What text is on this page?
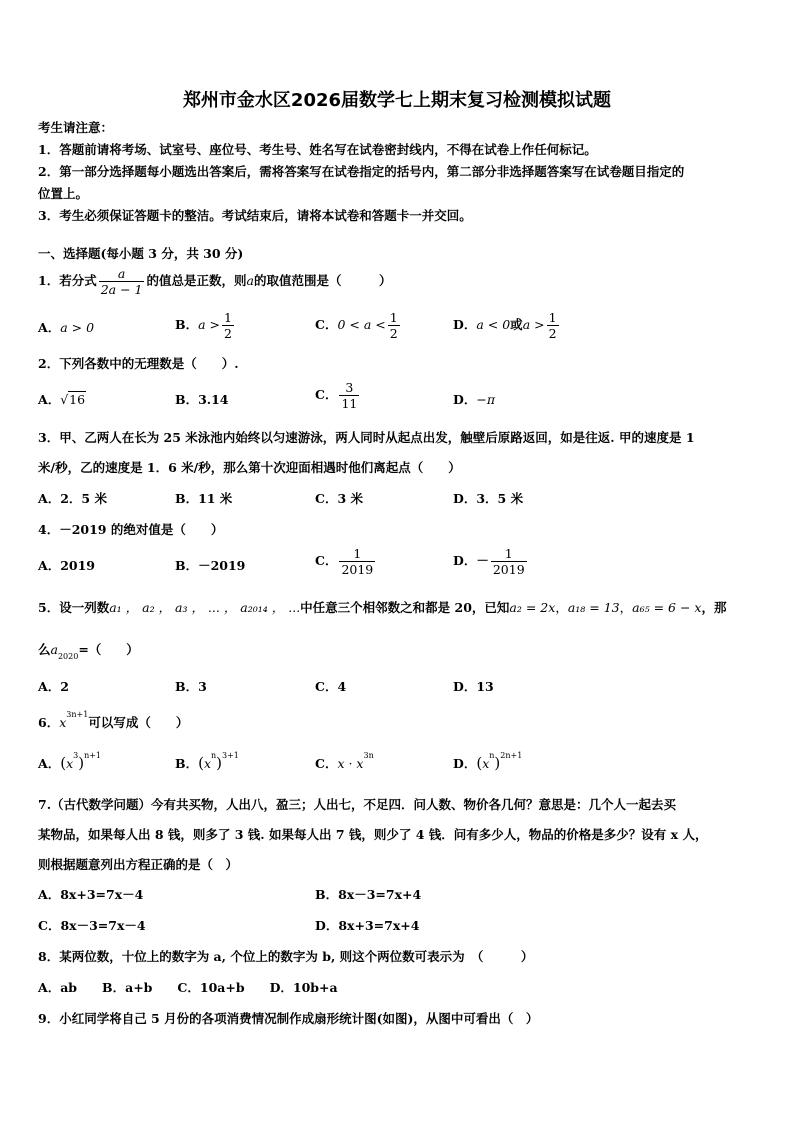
郑州市金水区2026届数学七上期末复习检测模拟试题
考生请注意：
1．答题前请将考场、试室号、座位号、考生号、姓名写在试卷密封线内，不得在试卷上作任何标记。
2．第一部分选择题每小题选出答案后，需将答案写在试卷指定的括号内，第二部分非选择题答案写在试卷题目指定的
位置上。
3．考生必须保证答题卡的整洁。考试结束后，请将本试卷和答题卡一并交回。
一、选择题(每小题 3 分，共 30 分)
1．若分式 $\frac{a}{2a - 1}$ 的值总是正数，则a的取值范围是（　　　）
A．a > 0	B．$a > \frac{1}{2}$	C．$0 < a < \frac{1}{2}$	D．a < 0或$a > \frac{1}{2}$
2．下列各数中的无理数是（　　）.
A．√16	B．3.14	C． $\frac{3}{11}$	D．−π
3．甲、乙两人在长为 25 米泳池内始终以匀速游泳，两人同时从起点出发，触壁后原路返回，如是往返. 甲的速度是 1
米/秒，乙的速度是 1．6 米/秒，那么第十次迎面相遇时他们离起点（　　）
A．2．5 米	B．11 米	C．3 米	D．3．5 米
4．－2019 的绝对值是（　　）
A．2019	B．－2019	C． $\frac{1}{2019}$	D．－ $\frac{1}{2019}$
5．设一列数a₁ ， a₂ ， a₃ ， ... ， a₂₀₁₄ ， ...中任意三个相邻数之和都是 20，已知a₂ = 2x，a₁₈ = 13，a₆₅ = 6 − x，那
么$a_{2020}=$（　　）
A．2	B．3	C．4	D．13
6．$x^{3n+1}$可以写成（　　）
A．$(x^3)^{n+1}$
B．$(x^n)^{3+1}$
C．$x \cdot x^{3n}$
D．$(x^n)^{2n+1}$
7.（古代数学问题）今有共买物，人出八，盈三；人出七，不足四．问人数、物价各几何？意思是：几个人一起去买
某物品，如果每人出 8 钱，则多了 3 钱. 如果每人出 7 钱，则少了 4 钱．问有多少人，物品的价格是多少？设有 x 人，
则根据题意列出方程正确的是（　）
A．8x+3=7x－4	B．8x－3=7x+4
C．8x－3=7x－4	D．8x+3=7x+4
8．某两位数，十位上的数字为 a, 个位上的数字为 b, 则这个两位数可表示为　（　　　）
A．ab　　B．a+b　　C．10a+b　　D．10b+a
9．小红同学将自己 5 月份的各项消费情况制作成扇形统计图(如图)，从图中可看出（　）
